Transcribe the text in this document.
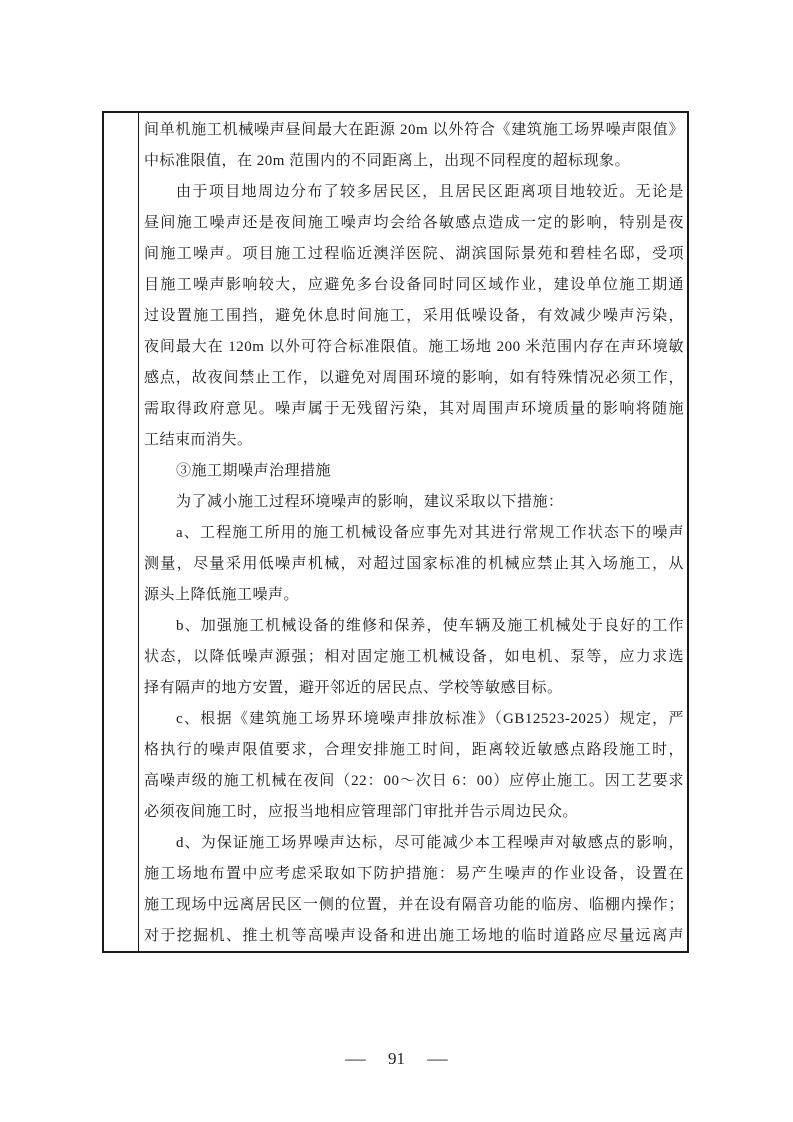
间单机施工机械噪声昼间最大在距源 20m 以外符合《建筑施工场界噪声限值》
中标准限值，在 20m 范围内的不同距离上，出现不同程度的超标现象。
由于项目地周边分布了较多居民区，且居民区距离项目地较近。无论是
昼间施工噪声还是夜间施工噪声均会给各敏感点造成一定的影响，特别是夜
间施工噪声。项目施工过程临近澳洋医院、湖滨国际景苑和碧桂名邸，受项
目施工噪声影响较大，应避免多台设备同时同区域作业，建设单位施工期通
过设置施工围挡，避免休息时间施工，采用低噪设备，有效减少噪声污染，
夜间最大在 120m 以外可符合标准限值。施工场地 200 米范围内存在声环境敏
感点，故夜间禁止工作，以避免对周围环境的影响，如有特殊情况必须工作，
需取得政府意见。噪声属于无残留污染，其对周围声环境质量的影响将随施
工结束而消失。
③施工期噪声治理措施
为了减小施工过程环境噪声的影响，建议采取以下措施：
a、工程施工所用的施工机械设备应事先对其进行常规工作状态下的噪声
测量，尽量采用低噪声机械，对超过国家标准的机械应禁止其入场施工，从
源头上降低施工噪声。
b、加强施工机械设备的维修和保养，使车辆及施工机械处于良好的工作
状态，以降低噪声源强；相对固定施工机械设备，如电机、泵等，应力求选
择有隔声的地方安置，避开邻近的居民点、学校等敏感目标。
c、根据《建筑施工场界环境噪声排放标准》（GB12523-2025）规定，严
格执行的噪声限值要求，合理安排施工时间，距离较近敏感点路段施工时，
高噪声级的施工机械在夜间（22：00～次日 6：00）应停止施工。因工艺要求
必须夜间施工时，应报当地相应管理部门审批并告示周边民众。
d、为保证施工场界噪声达标，尽可能减少本工程噪声对敏感点的影响，
施工场地布置中应考虑采取如下防护措施：易产生噪声的作业设备，设置在
施工现场中远离居民区一侧的位置，并在设有隔音功能的临房、临棚内操作；
对于挖掘机、推土机等高噪声设备和进出施工场地的临时道路应尽量远离声
— 91 —
